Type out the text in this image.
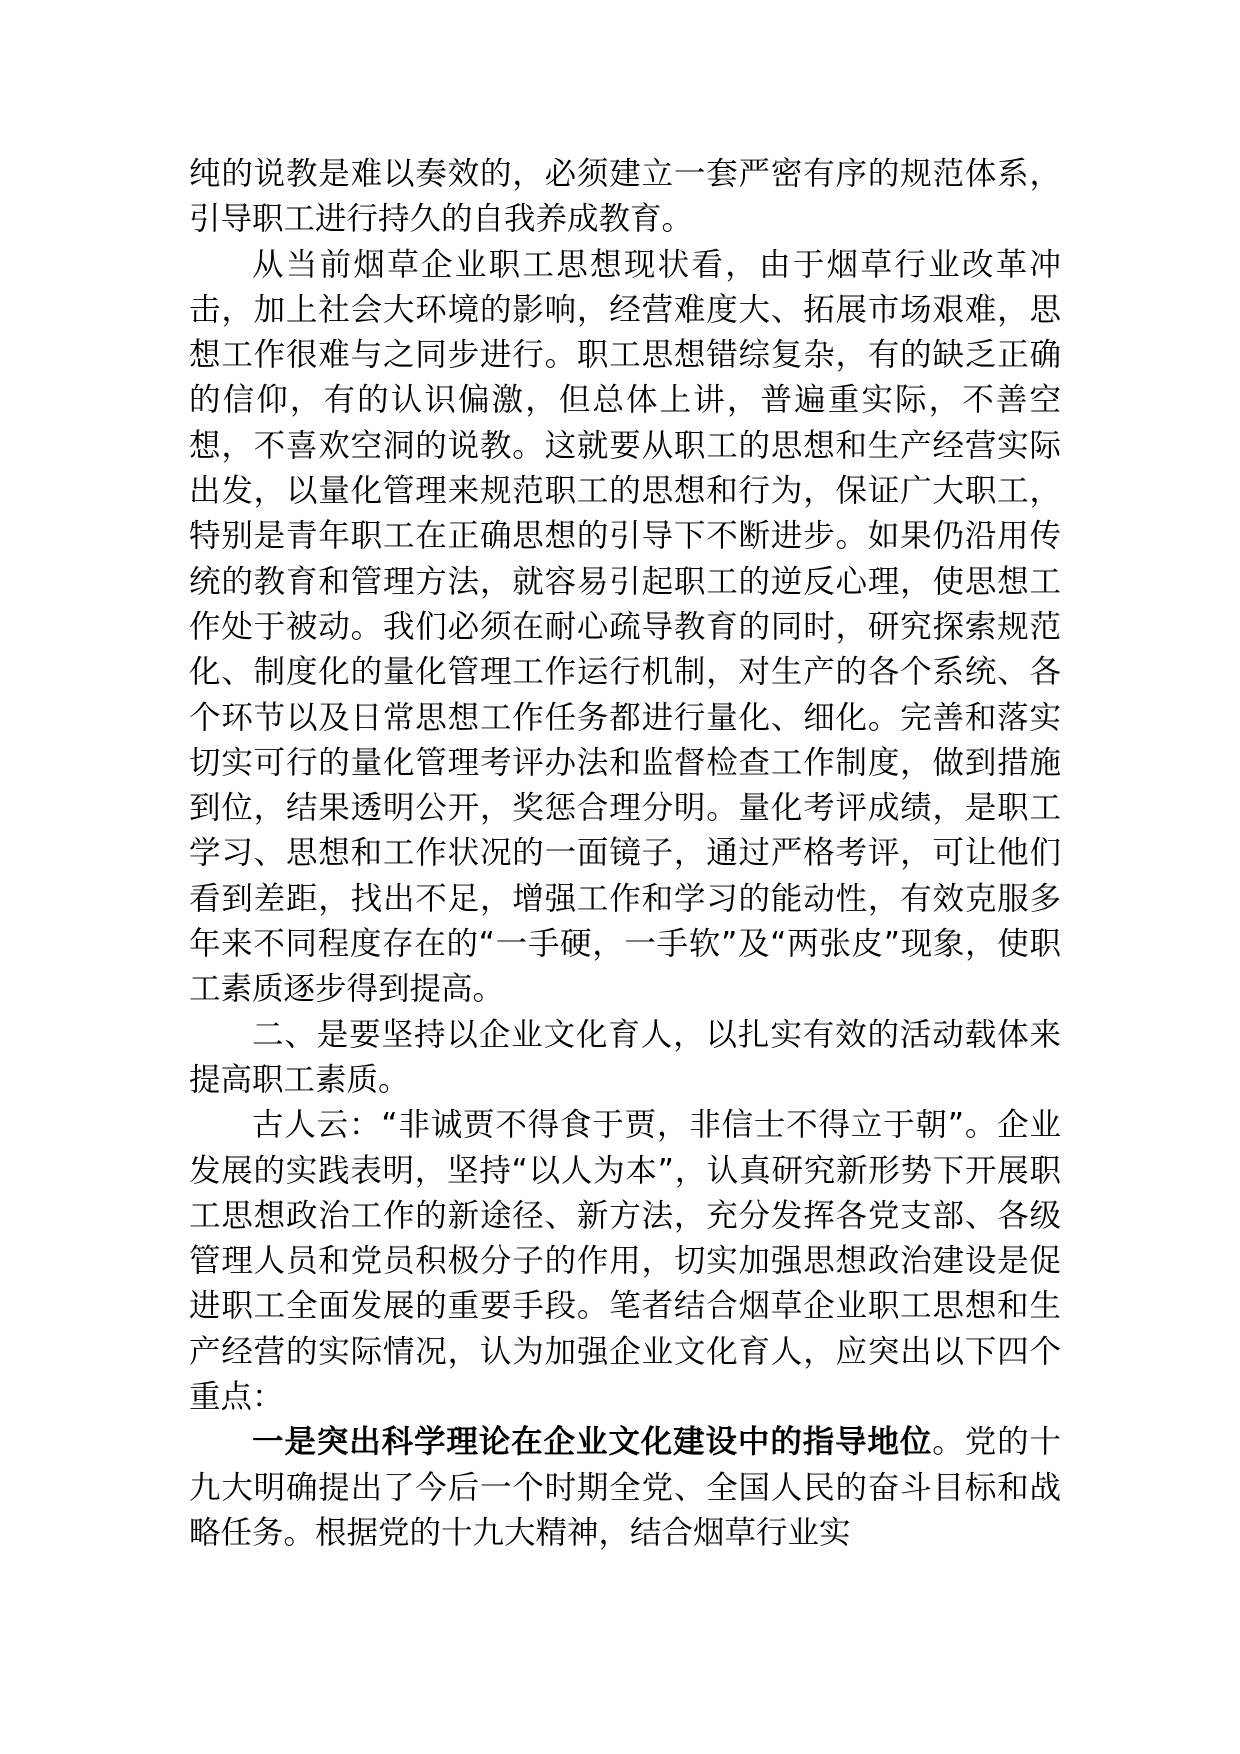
纯的说教是难以奏效的，必须建立一套严密有序的规范体系，引导职工进行持久的自我养成教育。

从当前烟草企业职工思想现状看，由于烟草行业改革冲击，加上社会大环境的影响，经营难度大、拓展市场艰难，思想工作很难与之同步进行。职工思想错综复杂，有的缺乏正确的信仰，有的认识偏激，但总体上讲，普遍重实际，不善空想，不喜欢空洞的说教。这就要从职工的思想和生产经营实际出发，以量化管理来规范职工的思想和行为，保证广大职工，特别是青年职工在正确思想的引导下不断进步。如果仍沿用传统的教育和管理方法，就容易引起职工的逆反心理，使思想工作处于被动。我们必须在耐心疏导教育的同时，研究探索规范化、制度化的量化管理工作运行机制，对生产的各个系统、各个环节以及日常思想工作任务都进行量化、细化。完善和落实切实可行的量化管理考评办法和监督检查工作制度，做到措施到位，结果透明公开，奖惩合理分明。量化考评成绩，是职工学习、思想和工作状况的一面镜子，通过严格考评，可让他们看到差距，找出不足，增强工作和学习的能动性，有效克服多年来不同程度存在的“一手硬，一手软”及“两张皮”现象，使职工素质逐步得到提高。

二、是要坚持以企业文化育人，以扎实有效的活动载体来提高职工素质。

古人云：“非诚贾不得食于贾，非信士不得立于朝”。企业发展的实践表明，坚持“以人为本”，认真研究新形势下开展职工思想政治工作的新途径、新方法，充分发挥各党支部、各级管理人员和党员积极分子的作用，切实加强思想政治建设是促进职工全面发展的重要手段。笔者结合烟草企业职工思想和生产经营的实际情况，认为加强企业文化育人，应突出以下四个重点：

一是突出科学理论在企业文化建设中的指导地位。党的十九大明确提出了今后一个时期全党、全国人民的奋斗目标和战略任务。根据党的十九大精神，结合烟草行业实
